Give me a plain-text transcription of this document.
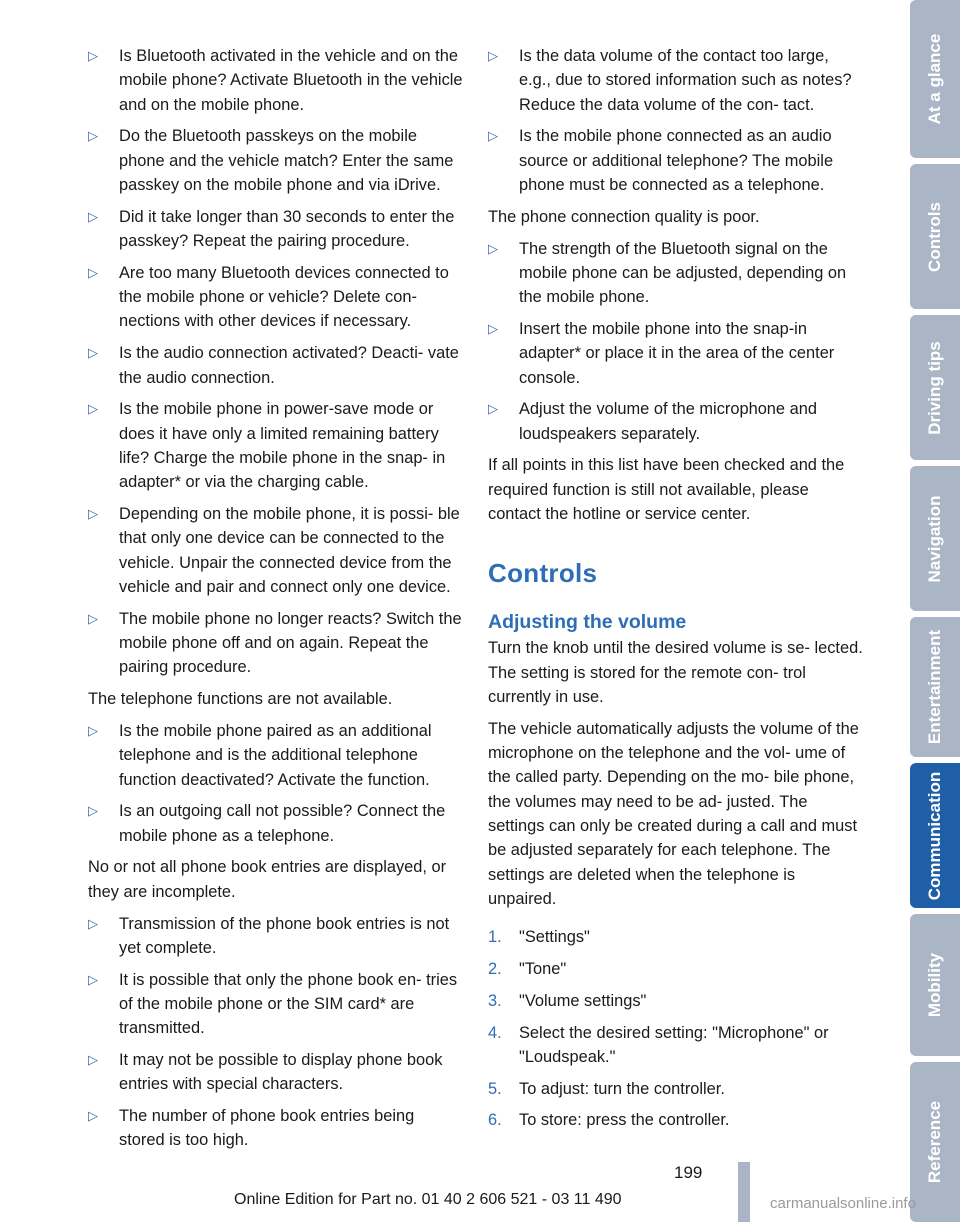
▷	Is Bluetooth activated in the vehicle and on the mobile phone? Activate Bluetooth in the vehicle and on the mobile phone.
▷	Do the Bluetooth passkeys on the mobile phone and the vehicle match? Enter the same passkey on the mobile phone and via iDrive.
▷	Did it take longer than 30 seconds to enter the passkey? Repeat the pairing procedure.
▷	Are too many Bluetooth devices connected to the mobile phone or vehicle? Delete con- nections with other devices if necessary.
▷	Is the audio connection activated? Deacti- vate the audio connection.
▷	Is the mobile phone in power-save mode or does it have only a limited remaining battery life? Charge the mobile phone in the snap- in adapter* or via the charging cable.
▷	Depending on the mobile phone, it is possi- ble that only one device can be connected to the vehicle. Unpair the connected device from the vehicle and pair and connect only one device.
▷	The mobile phone no longer reacts? Switch the mobile phone off and on again. Repeat the pairing procedure.

The telephone functions are not available.

▷	Is the mobile phone paired as an additional telephone and is the additional telephone function deactivated? Activate the function.
▷	Is an outgoing call not possible? Connect the mobile phone as a telephone.

No or not all phone book entries are displayed, or they are incomplete.

▷	Transmission of the phone book entries is not yet complete.
▷	It is possible that only the phone book en- tries of the mobile phone or the SIM card* are transmitted.
▷	It may not be possible to display phone book entries with special characters.
▷	The number of phone book entries being stored is too high.
▷	Is the data volume of the contact too large, e.g., due to stored information such as notes? Reduce the data volume of the con- tact.
▷	Is the mobile phone connected as an audio source or additional telephone? The mobile phone must be connected as a telephone.

The phone connection quality is poor.

▷	The strength of the Bluetooth signal on the mobile phone can be adjusted, depending on the mobile phone.
▷	Insert the mobile phone into the snap-in adapter* or place it in the area of the center console.
▷	Adjust the volume of the microphone and loudspeakers separately.

If all points in this list have been checked and the required function is still not available, please contact the hotline or service center.

Controls
Adjusting the volume

Turn the knob until the desired volume is se- lected. The setting is stored for the remote con- trol currently in use.

The vehicle automatically adjusts the volume of the microphone on the telephone and the vol- ume of the called party. Depending on the mo- bile phone, the volumes may need to be ad- justed. The settings can only be created during a call and must be adjusted separately for each telephone. The settings are deleted when the telephone is unpaired.

1.	"Settings"
2.	"Tone"
3.	"Volume settings"
4.	Select the desired setting: "Microphone" or "Loudspeak."
5.	To adjust: turn the controller.
6.	To store: press the controller.
At a glance
Controls
Driving tips
Navigation
Entertainment
Communication
Mobility
Reference
199
Online Edition for Part no. 01 40 2 606 521 - 03 11 490	carmanualsonline.info
